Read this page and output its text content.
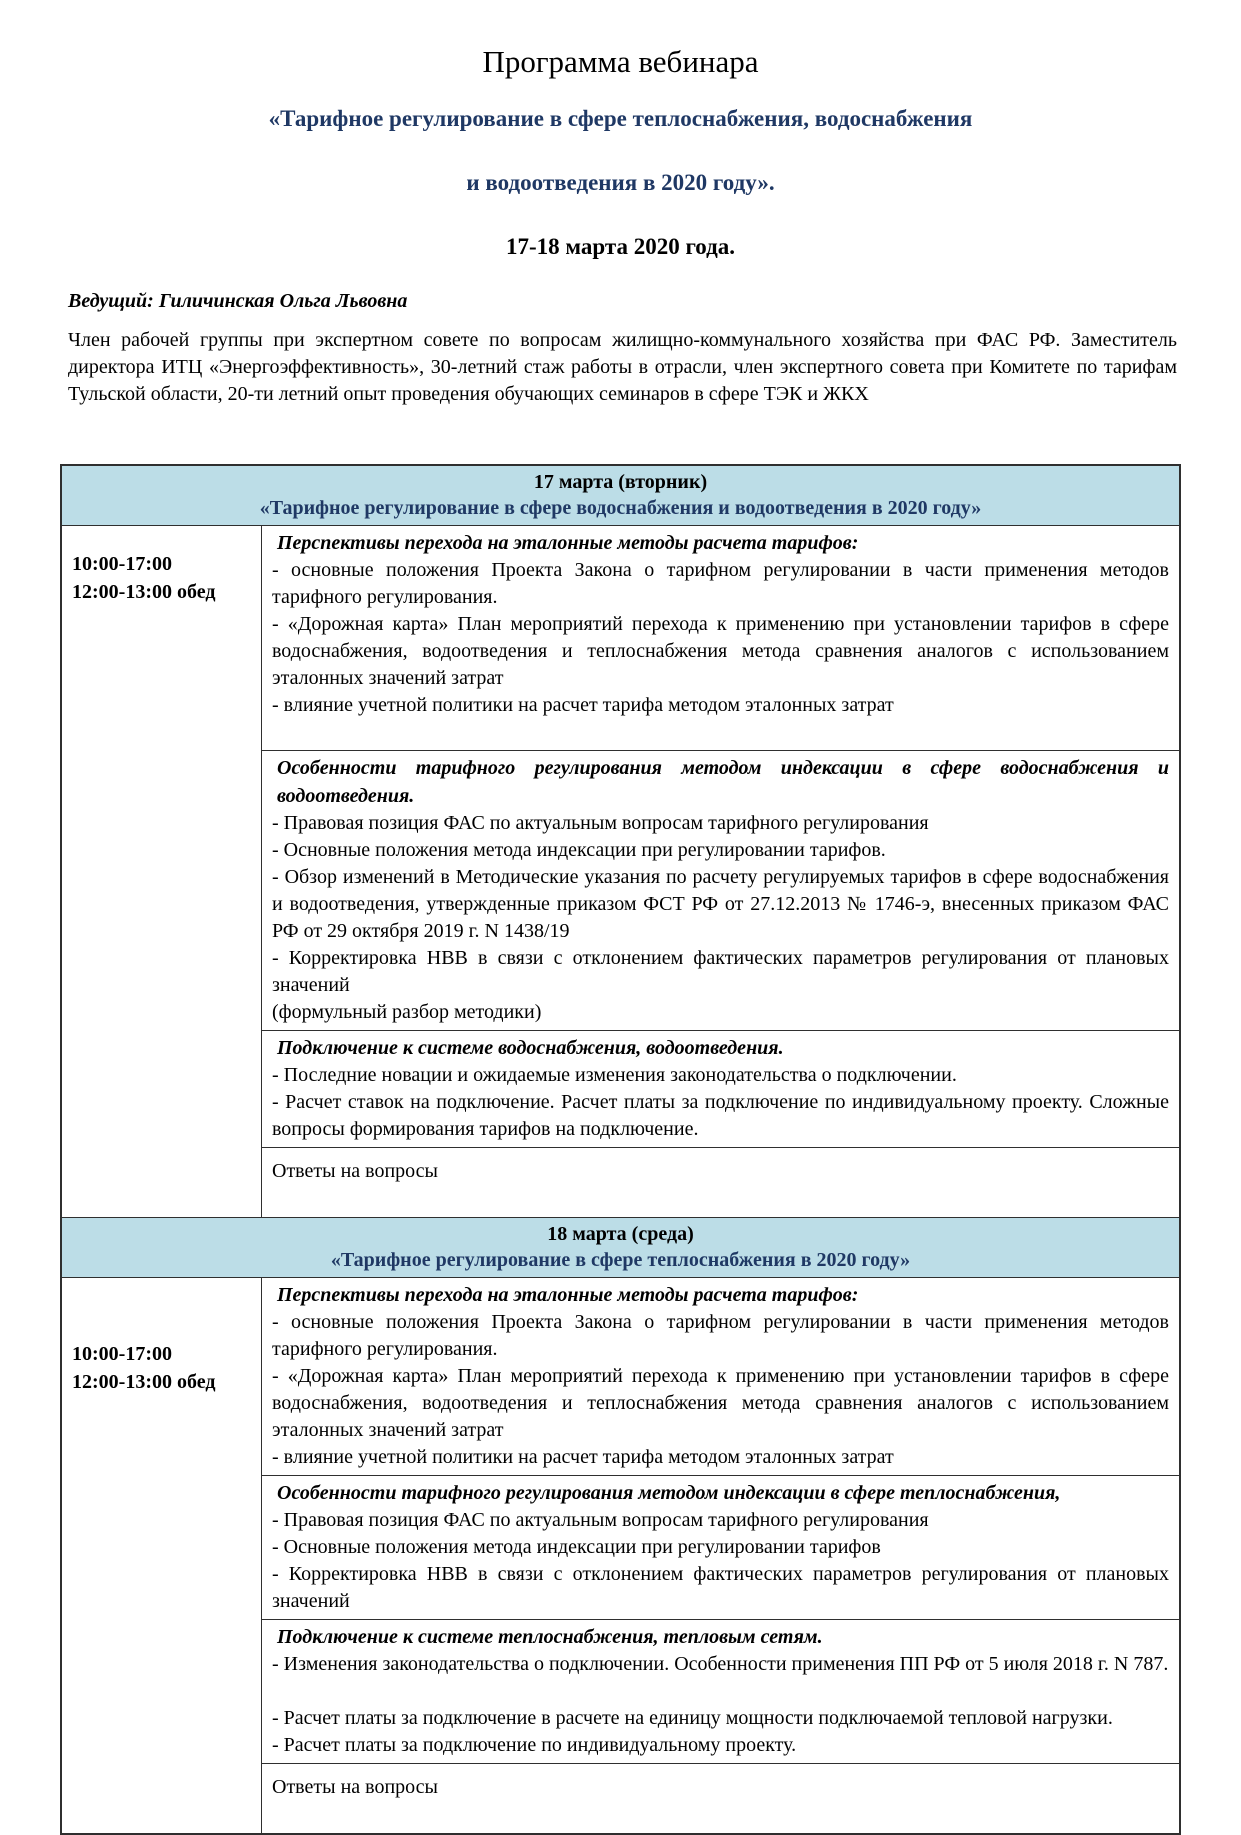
Программа вебинара

«Тарифное регулирование в сфере теплоснабжения, водоснабжения

и водоотведения в 2020 году».

17-18 марта 2020 года.

Ведущий: Гиличинская Ольга Львовна

Член рабочей группы при экспертном совете по вопросам жилищно-коммунального хозяйства при ФАС РФ. Заместитель директора ИТЦ «Энергоэффективность», 30-летний стаж работы в отрасли, член экспертного совета при Комитете по тарифам Тульской области, 20-ти летний опыт проведения обучающих семинаров в сфере ТЭК и ЖКХ

17 марта (вторник)

«Тарифное регулирование в сфере водоснабжения и водоотведения в 2020 году»

10:00-17:00

12:00-13:00 обед

Перспективы перехода на эталонные методы расчета тарифов:

- основные положения Проекта Закона о тарифном регулировании в части применения методов тарифного регулирования.

- «Дорожная карта» План мероприятий перехода к применению при установлении тарифов в сфере водоснабжения, водоотведения и теплоснабжения метода сравнения аналогов с использованием эталонных значений затрат

- влияние учетной политики на расчет тарифа методом эталонных затрат

Особенности тарифного регулирования методом индексации в сфере водоснабжения и водоотведения.

- Правовая позиция ФАС по актуальным вопросам тарифного регулирования

- Основные положения метода индексации при регулировании тарифов.

- Обзор изменений в Методические указания по расчету регулируемых тарифов в сфере водоснабжения и водоотведения, утвержденные приказом ФСТ РФ от 27.12.2013 № 1746-э, внесенных приказом ФАС РФ от 29 октября 2019 г. N 1438/19

- Корректировка НВВ в связи с отклонением фактических параметров регулирования от плановых значений

(формульный разбор методики)

Подключение к системе водоснабжения, водоотведения.

- Последние новации и ожидаемые изменения законодательства о подключении.

- Расчет ставок на подключение. Расчет платы за подключение по индивидуальному проекту. Сложные вопросы формирования тарифов на подключение.

Ответы на вопросы

18 марта (среда)

«Тарифное регулирование в сфере теплоснабжения в 2020 году»

10:00-17:00

12:00-13:00 обед

Перспективы перехода на эталонные методы расчета тарифов:

- основные положения Проекта Закона о тарифном регулировании в части применения методов тарифного регулирования.

- «Дорожная карта» План мероприятий перехода к применению при установлении тарифов в сфере водоснабжения, водоотведения и теплоснабжения метода сравнения аналогов с использованием эталонных значений затрат

- влияние учетной политики на расчет тарифа методом эталонных затрат

Особенности тарифного регулирования методом индексации в сфере теплоснабжения,

- Правовая позиция ФАС по актуальным вопросам тарифного регулирования

- Основные положения метода индексации при регулировании тарифов

- Корректировка НВВ в связи с отклонением фактических параметров регулирования от плановых значений

Подключение к системе теплоснабжения, тепловым сетям.

- Изменения законодательства о подключении. Особенности применения ПП РФ от 5 июля 2018 г. N 787.

- Расчет платы за подключение в расчете на единицу мощности подключаемой тепловой нагрузки.

- Расчет платы за подключение по индивидуальному проекту.

Ответы на вопросы
